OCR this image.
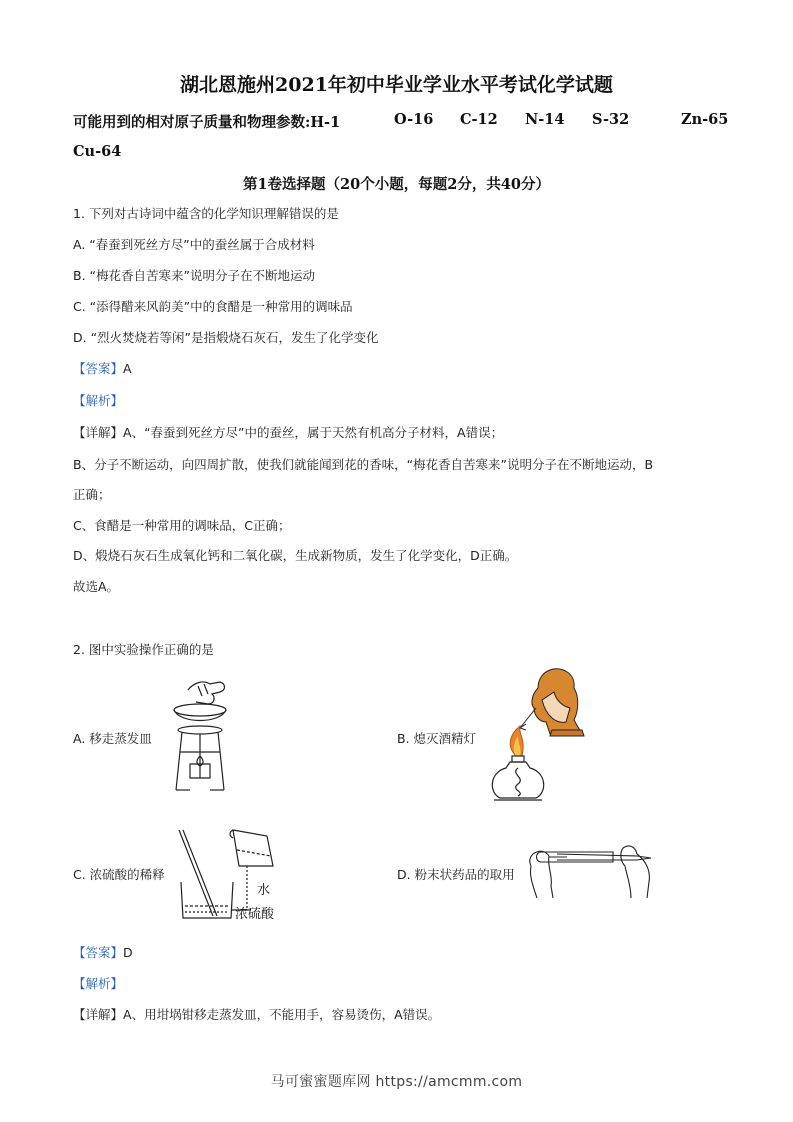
湖北恩施州2021年初中毕业学业水平考试化学试题
可能用到的相对原子质量和物理参数:H-1	O-16 C-12 N-14 S-32	Zn-65
Cu-64
第1卷选择题（20个小题，每题2分，共40分）
1. 下列对古诗词中蕴含的化学知识理解错误的是
A. “春蚕到死丝方尽”中的蚕丝属于合成材料
B. “梅花香自苦寒来”说明分子在不断地运动
C. “添得醋来风韵美”中的食醋是一种常用的调味品
D. “烈火焚烧若等闲”是指煅烧石灰石，发生了化学变化
【答案】A
【解析】
【详解】A、“春蚕到死丝方尽”中的蚕丝，属于天然有机高分子材料，A错误；
B、分子不断运动，向四周扩散，使我们就能闻到花的香味，“梅花香自苦寒来”说明分子在不断地运动，B
正确；
C、食醋是一种常用的调味品，C正确；
D、煅烧石灰石生成氧化钙和二氧化碳，生成新物质，发生了化学变化，D正确。
故选A。
2. 图中实验操作正确的是
A. 移走蒸发皿	B. 熄灭酒精灯
C. 浓硫酸的稀释
水
浓硫酸
D. 粉末状药品的取用
【答案】D
【解析】
【详解】A、用坩埚钳移走蒸发皿，不能用手，容易烫伤，A错误。
马可蜜蜜题库网 https://amcmm.com
